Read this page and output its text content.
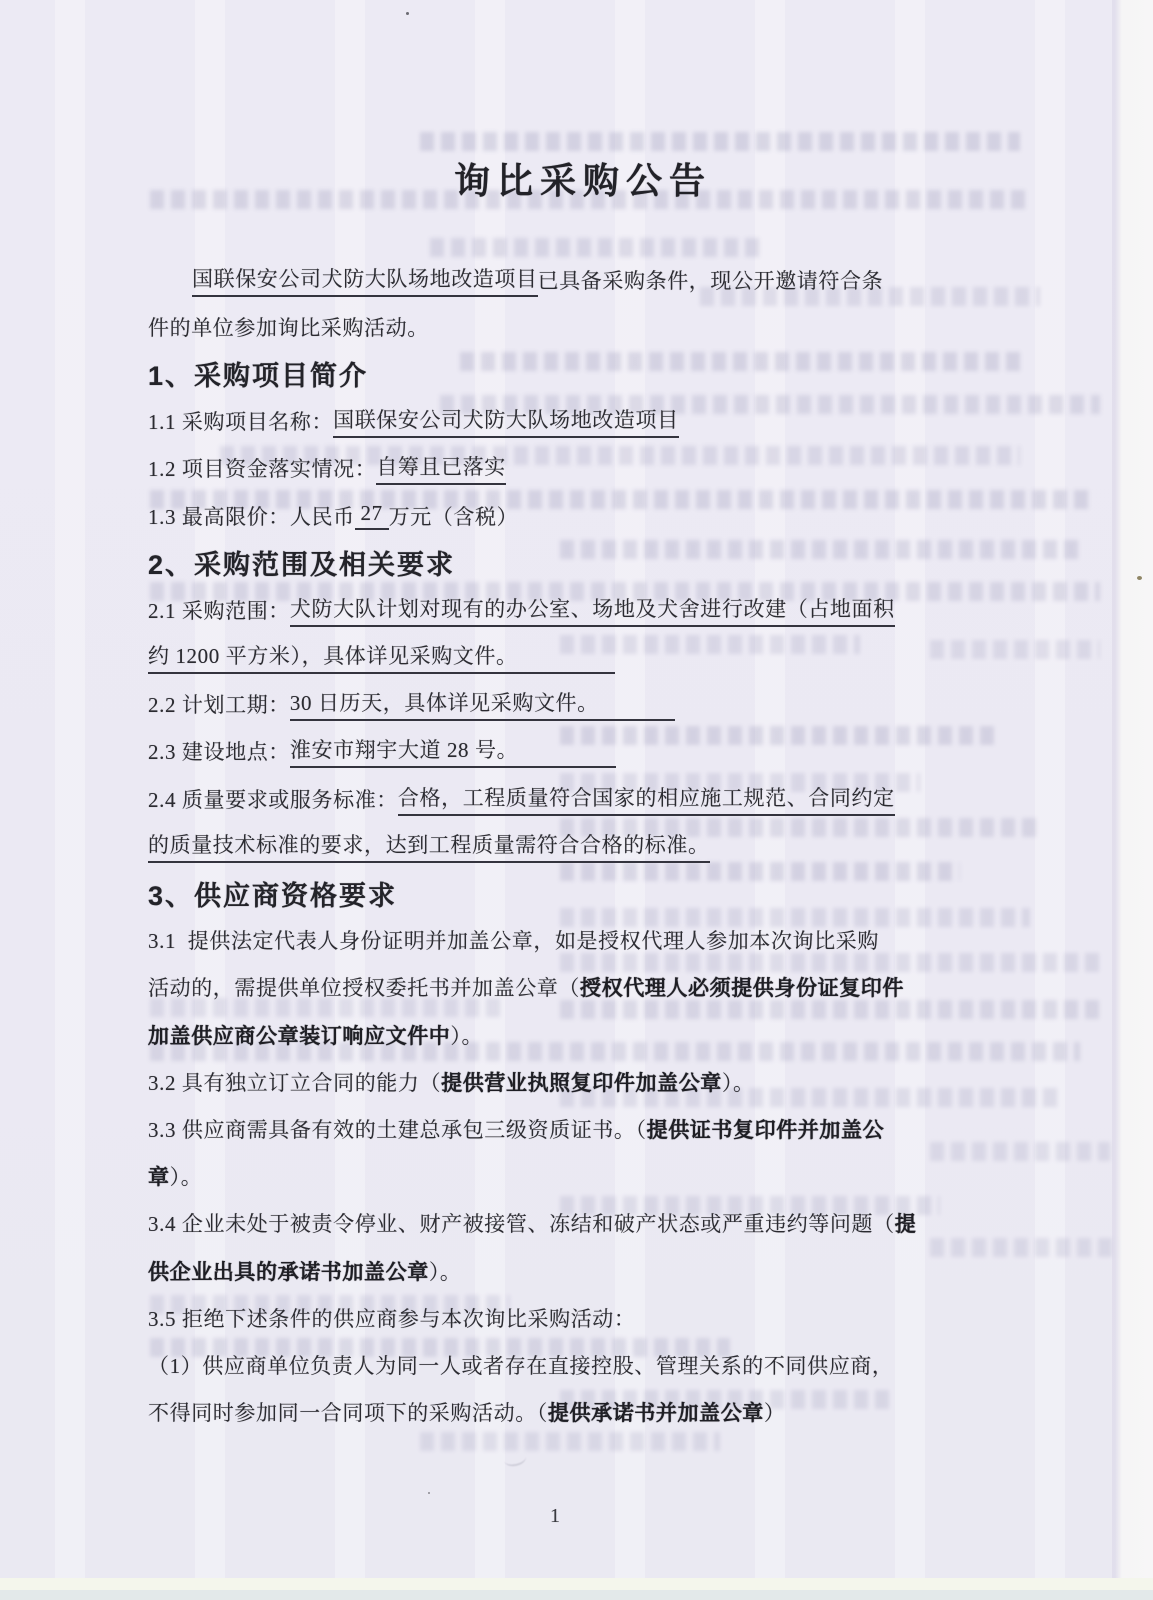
询比采购公告
国联保安公司犬防大队场地改造项目 已具备采购条件，现公开邀请符合条
件的单位参加询比采购活动。
1、采购项目简介
1.1 采购项目名称： 国联保安公司犬防大队场地改造项目
1.2 项目资金落实情况： 自筹且已落实
1.3 最高限价：人民币 27 万元（含税）
2、采购范围及相关要求
2.1 采购范围： 犬防大队计划对现有的办公室、场地及犬舍进行改建（占地面积
约 1200 平方米），具体详见采购文件。　　　　　
2.2 计划工期： 30 日历天，具体详见采购文件。　　　　
2.3 建设地点： 淮安市翔宇大道 28 号。　　　　　
2.4 质量要求或服务标准： 合格，工程质量符合国家的相应施工规范、合同约定
的质量技术标准的要求，达到工程质量需符合合格的标准。
3、供应商资格要求
3.1  提供法定代表人身份证明并加盖公章，如是授权代理人参加本次询比采购
活动的，需提供单位授权委托书并加盖公章（ 授权代理人必须提供身份证复印件
加盖供应商公章装订响应文件中 ）。
3.2 具有独立订立合同的能力（ 提供营业执照复印件加盖公章 ）。
3.3 供应商需具备有效的土建总承包三级资质证书。（ 提供证书复印件并加盖公
章 ）。
3.4 企业未处于被责令停业、财产被接管、冻结和破产状态或严重违约等问题（ 提
供企业出具的承诺书加盖公章 ）。
3.5 拒绝下述条件的供应商参与本次询比采购活动：
（1）供应商单位负责人为同一人或者存在直接控股、管理关系的不同供应商，
不得同时参加同一合同项下的采购活动。（ 提供承诺书并加盖公章 ）
1
